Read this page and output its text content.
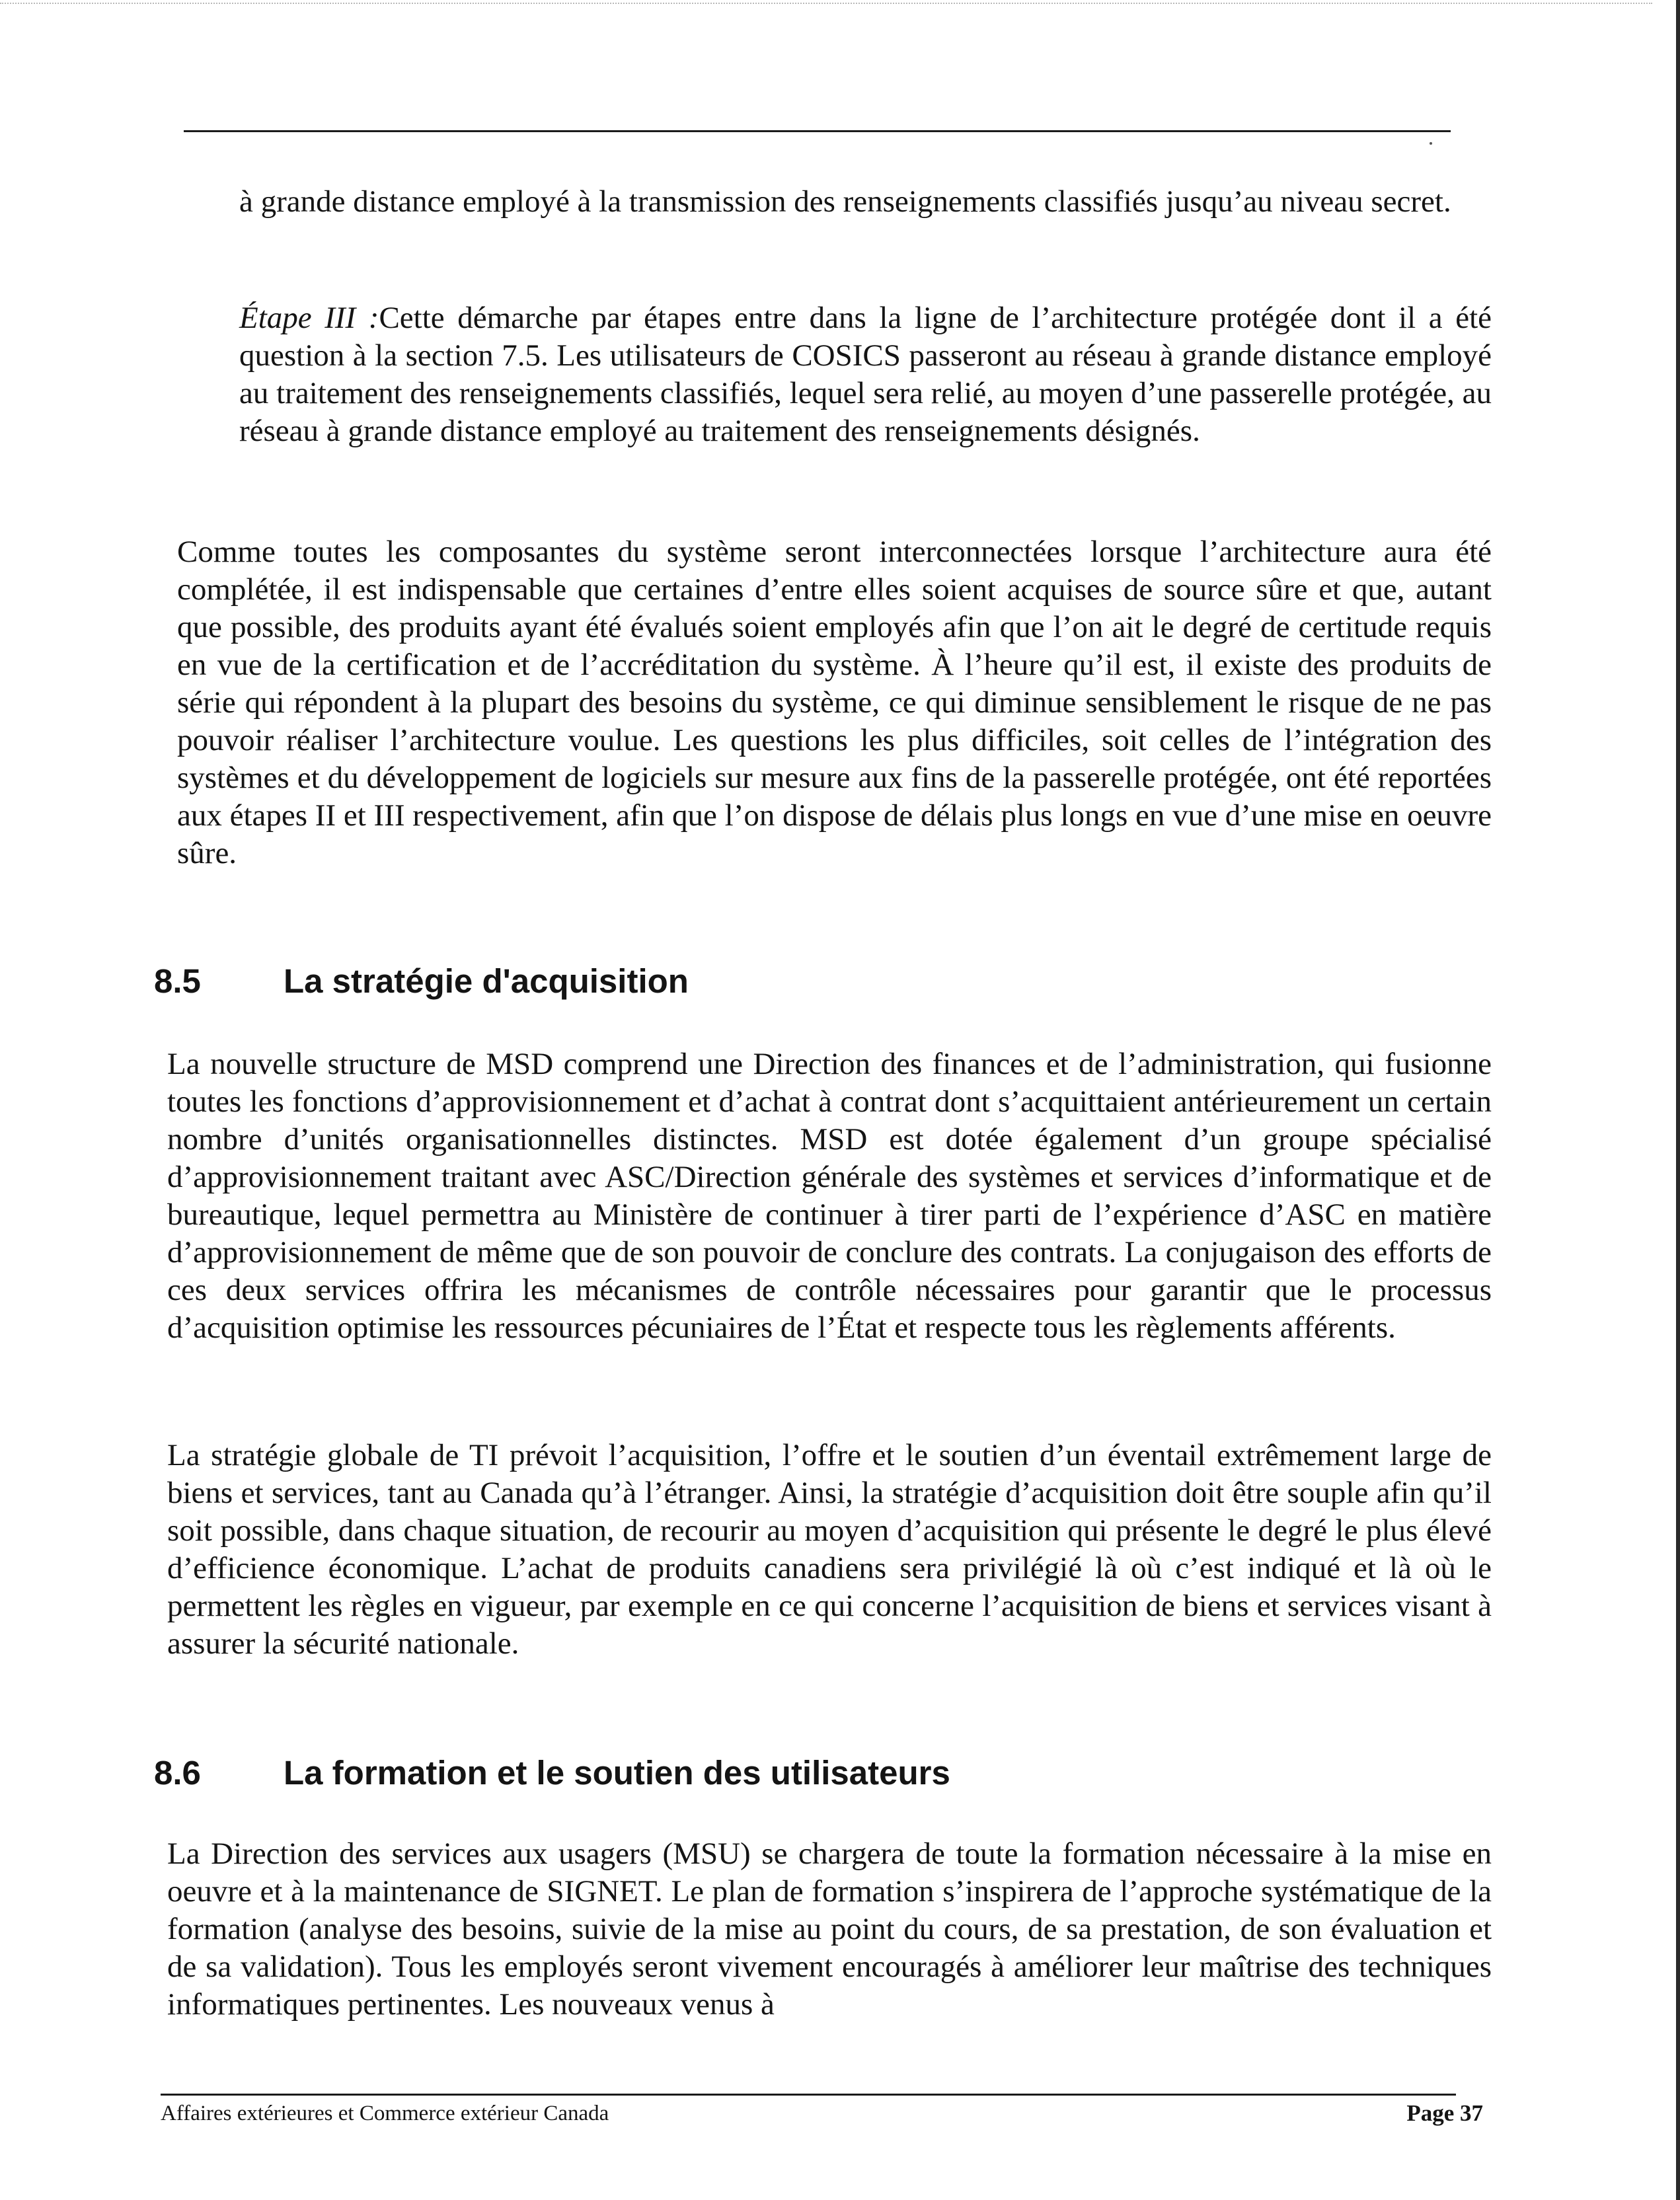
à grande distance employé à la transmission des renseignements classifiés jusqu’au niveau secret.

Étape III :Cette démarche par étapes entre dans la ligne de l’architecture protégée dont il a été question à la section 7.5. Les utilisateurs de COSICS passeront au réseau à grande distance employé au traitement des renseignements classifiés, lequel sera relié, au moyen d’une passerelle protégée, au réseau à grande distance employé au traitement des renseignements désignés.

Comme toutes les composantes du système seront interconnectées lorsque l’architecture aura été complétée, il est indispensable que certaines d’entre elles soient acquises de source sûre et que, autant que possible, des produits ayant été évalués soient employés afin que l’on ait le degré de certitude requis en vue de la certification et de l’accréditation du système. À l’heure qu’il est, il existe des produits de série qui répondent à la plupart des besoins du système, ce qui diminue sensiblement le risque de ne pas pouvoir réaliser l’architecture voulue. Les questions les plus difficiles, soit celles de l’intégration des systèmes et du développement de logiciels sur mesure aux fins de la passerelle protégée, ont été reportées aux étapes II et III respectivement, afin que l’on dispose de délais plus longs en vue d’une mise en oeuvre sûre.

8.5 La stratégie d'acquisition

La nouvelle structure de MSD comprend une Direction des finances et de l’administration, qui fusionne toutes les fonctions d’approvisionnement et d’achat à contrat dont s’acquittaient antérieurement un certain nombre d’unités organisationnelles distinctes. MSD est dotée également d’un groupe spécialisé d’approvisionnement traitant avec ASC/Direction générale des systèmes et services d’informatique et de bureautique, lequel permettra au Ministère de continuer à tirer parti de l’expérience d’ASC en matière d’approvisionnement de même que de son pouvoir de conclure des contrats. La conjugaison des efforts de ces deux services offrira les mécanismes de contrôle nécessaires pour garantir que le processus d’acquisition optimise les ressources pécuniaires de l’État et respecte tous les règlements afférents.

La stratégie globale de TI prévoit l’acquisition, l’offre et le soutien d’un éventail extrêmement large de biens et services, tant au Canada qu’à l’étranger. Ainsi, la stratégie d’acquisition doit être souple afin qu’il soit possible, dans chaque situation, de recourir au moyen d’acquisition qui présente le degré le plus élevé d’efficience économique. L’achat de produits canadiens sera privilégié là où c’est indiqué et là où le permettent les règles en vigueur, par exemple en ce qui concerne l’acquisition de biens et services visant à assurer la sécurité nationale.

8.6 La formation et le soutien des utilisateurs

La Direction des services aux usagers (MSU) se chargera de toute la formation nécessaire à la mise en oeuvre et à la maintenance de SIGNET. Le plan de formation s’inspirera de l’approche systématique de la formation (analyse des besoins, suivie de la mise au point du cours, de sa prestation, de son évaluation et de sa validation). Tous les employés seront vivement encouragés à améliorer leur maîtrise des techniques informatiques pertinentes. Les nouveaux venus à

Affaires extérieures et Commerce extérieur Canada	Page 37
